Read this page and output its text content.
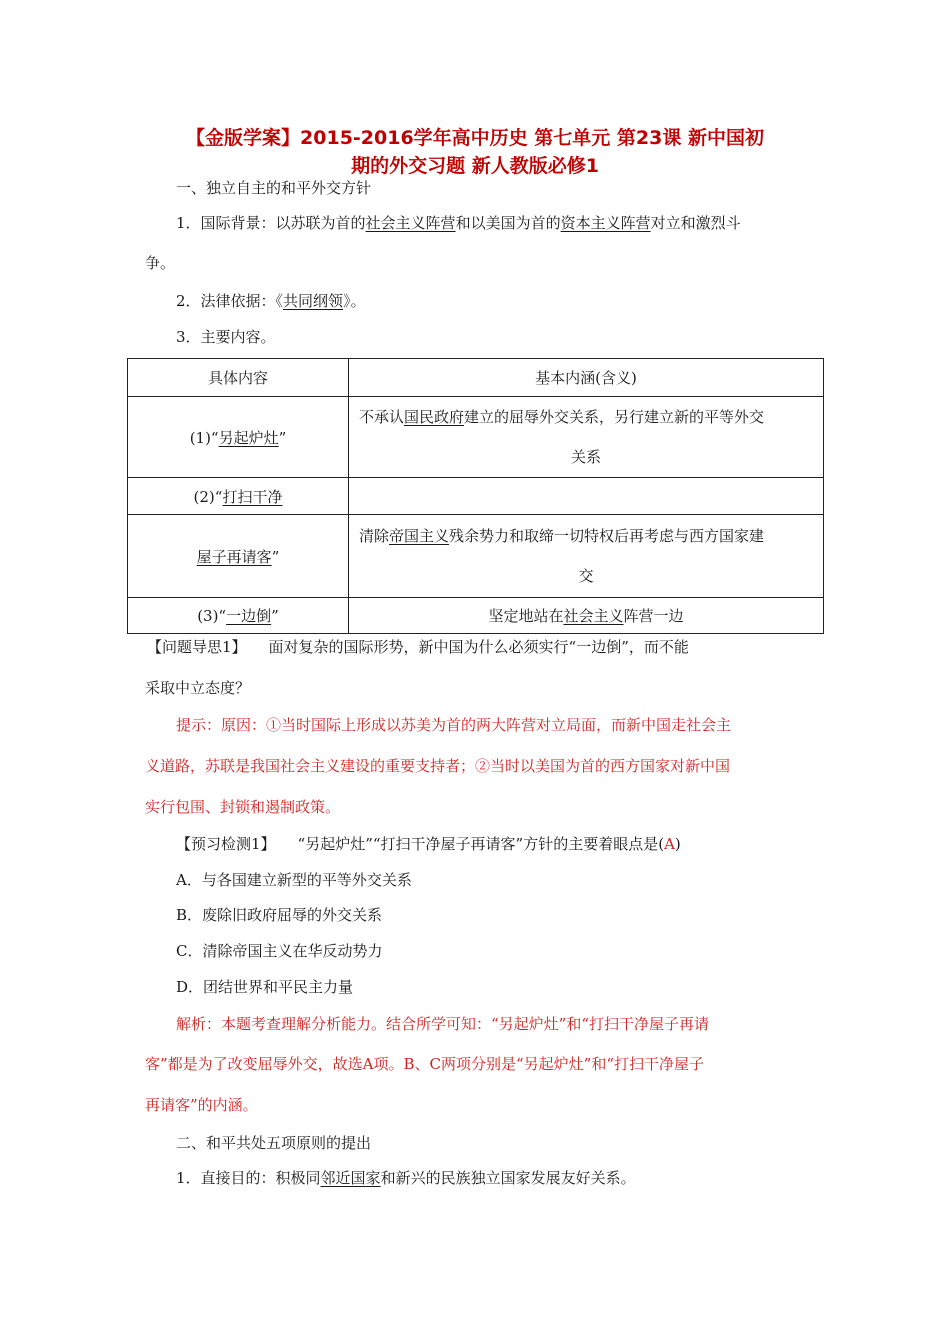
【金版学案】2015-2016学年高中历史 第七单元 第23课 新中国初
期的外交习题 新人教版必修1
一、独立自主的和平外交方针
1．国际背景：以苏联为首的社会主义阵营和以美国为首的资本主义阵营对立和激烈斗
争。
2．法律依据：《共同纲领》。
3．主要内容。
具体内容	基本内涵(含义)
(1)“另起炉灶”	不承认国民政府建立的屈辱外交关系，另行建立新的平等外交
关系

(2)“打扫干净	
屋子再请客”	清除帝国主义残余势力和取缔一切特权后再考虑与西方国家建
交

(3)“一边倒”	坚定地站在社会主义阵营一边
【问题导思1】 面对复杂的国际形势，新中国为什么必须实行“一边倒”，而不能
采取中立态度？
提示：原因：①当时国际上形成以苏美为首的两大阵营对立局面，而新中国走社会主
义道路，苏联是我国社会主义建设的重要支持者；②当时以美国为首的西方国家对新中国
实行包围、封锁和遏制政策。
【预习检测1】 “另起炉灶”“打扫干净屋子再请客”方针的主要着眼点是(A)
A．与各国建立新型的平等外交关系
B．废除旧政府屈辱的外交关系
C．清除帝国主义在华反动势力
D．团结世界和平民主力量
解析：本题考查理解分析能力。结合所学可知：“另起炉灶”和“打扫干净屋子再请
客”都是为了改变屈辱外交，故选A项。B、C两项分别是“另起炉灶”和“打扫干净屋子
再请客”的内涵。
二、和平共处五项原则的提出
1．直接目的：积极同邻近国家和新兴的民族独立国家发展友好关系。
